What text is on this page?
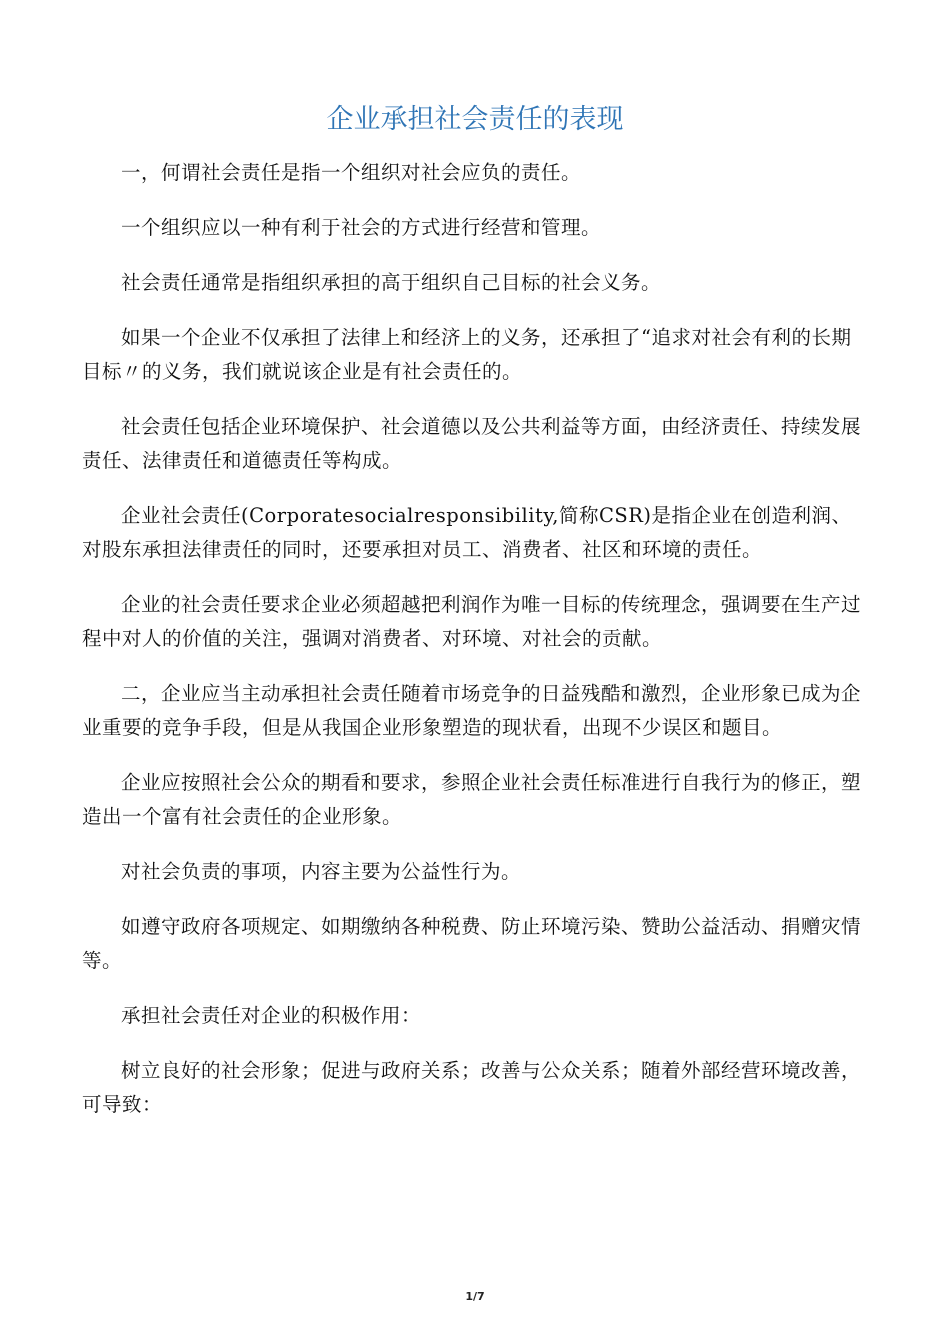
企业承担社会责任的表现

一，何谓社会责任是指一个组织对社会应负的责任。

一个组织应以一种有利于社会的方式进行经营和管理。

社会责任通常是指组织承担的高于组织自己目标的社会义务。

如果一个企业不仅承担了法律上和经济上的义务，还承担了“追求对社会有利的长期目标〃的义务，我们就说该企业是有社会责任的。

社会责任包括企业环境保护、社会道德以及公共利益等方面，由经济责任、持续发展责任、法律责任和道德责任等构成。

企业社会责任(Corporatesocialresponsibility,简称CSR)是指企业在创造利润、对股东承担法律责任的同时，还要承担对员工、消费者、社区和环境的责任。

企业的社会责任要求企业必须超越把利润作为唯一目标的传统理念，强调要在生产过程中对人的价值的关注，强调对消费者、对环境、对社会的贡献。

二，企业应当主动承担社会责任随着市场竞争的日益残酷和激烈，企业形象已成为企业重要的竞争手段，但是从我国企业形象塑造的现状看，出现不少误区和题目。

企业应按照社会公众的期看和要求，参照企业社会责任标准进行自我行为的修正，塑造出一个富有社会责任的企业形象。

对社会负责的事项，内容主要为公益性行为。

如遵守政府各项规定、如期缴纳各种税费、防止环境污染、赞助公益活动、捐赠灾情等。

承担社会责任对企业的积极作用：

树立良好的社会形象；促进与政府关系；改善与公众关系；随着外部经营环境改善，可导致：

1/7
